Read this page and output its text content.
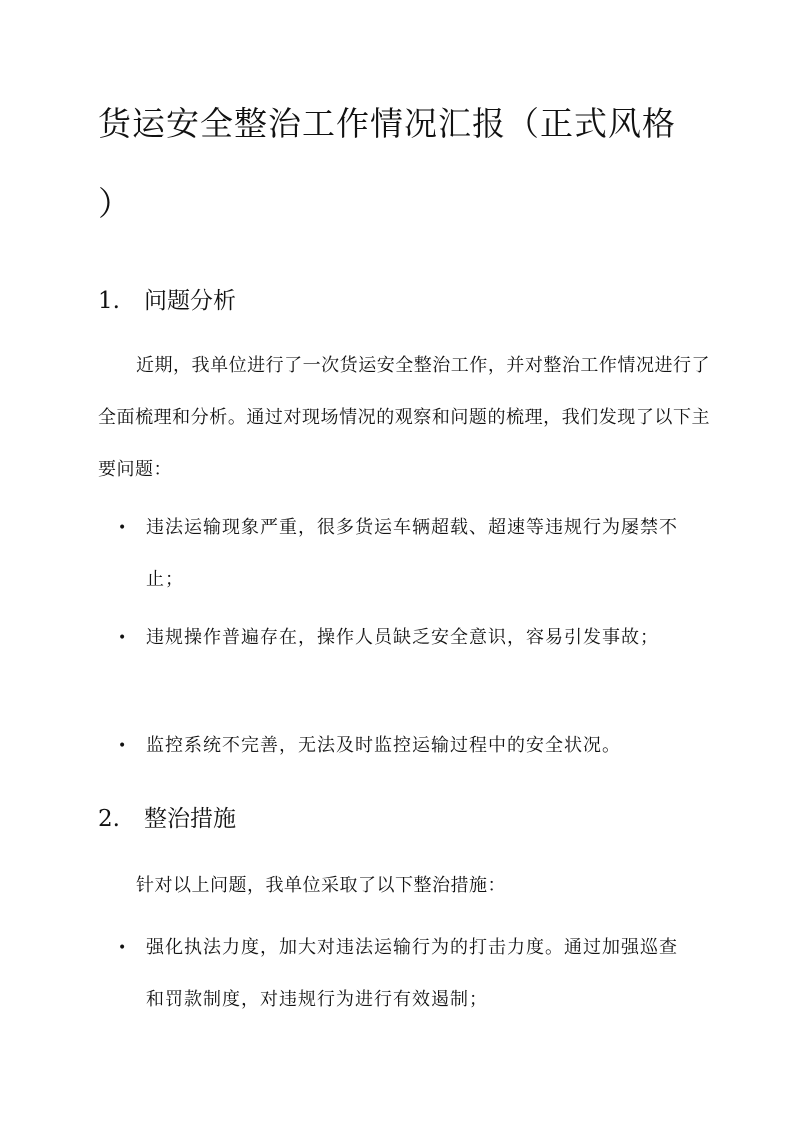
货运安全整治工作情况汇报（正式风格
）
1. 问题分析
近期，我单位进行了一次货运安全整治工作，并对整治工作情况进行了全面梳理和分析。通过对现场情况的观察和问题的梳理，我们发现了以下主要问题：
• 违法运输现象严重，很多货运车辆超载、超速等违规行为屡禁不止；
• 违规操作普遍存在，操作人员缺乏安全意识，容易引发事故；
• 监控系统不完善，无法及时监控运输过程中的安全状况。
2. 整治措施
针对以上问题，我单位采取了以下整治措施：
• 强化执法力度，加大对违法运输行为的打击力度。通过加强巡查和罚款制度，对违规行为进行有效遏制；
